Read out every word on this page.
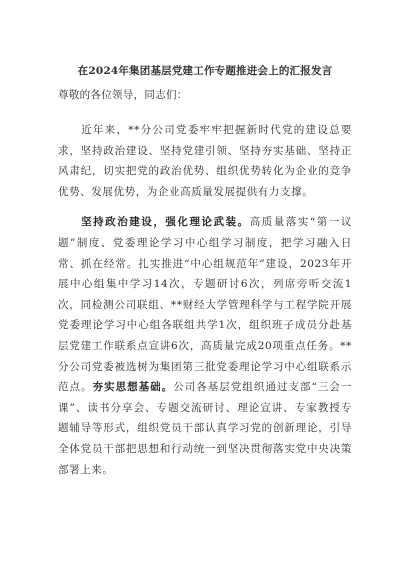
在2024年集团基层党建工作专题推进会上的汇报发言
尊敬的各位领导，同志们：

近年来，**分公司党委牢牢把握新时代党的建设总要求，坚持政治建设、坚持党建引领、坚持夯实基础、坚持正风肃纪，切实把党的政治优势、组织优势转化为企业的竞争优势、发展优势，为企业高质量发展提供有力支撑。

坚持政治建设，强化理论武装。高质量落实“第一议题”制度、党委理论学习中心组学习制度，把学习融入日常、抓在经常。扎实推进“中心组规范年”建设，2023年开展中心组集中学习14次，专题研讨6次，列席旁听交流1次，同检测公司联组、**财经大学管理科学与工程学院开展党委理论学习中心组各联组共学1次，组织班子成员分赴基层党建工作联系点宣讲6次，高质量完成20项重点任务。**分公司党委被选树为集团第三批党委理论学习中心组联系示范点。夯实思想基础。公司各基层党组织通过支部“三会一课”、读书分享会、专题交流研讨、理论宣讲、专家教授专题辅导等形式，组织党员干部认真学习党的创新理论，引导全体党员干部把思想和行动统一到坚决贯彻落实党中央决策部署上来。
